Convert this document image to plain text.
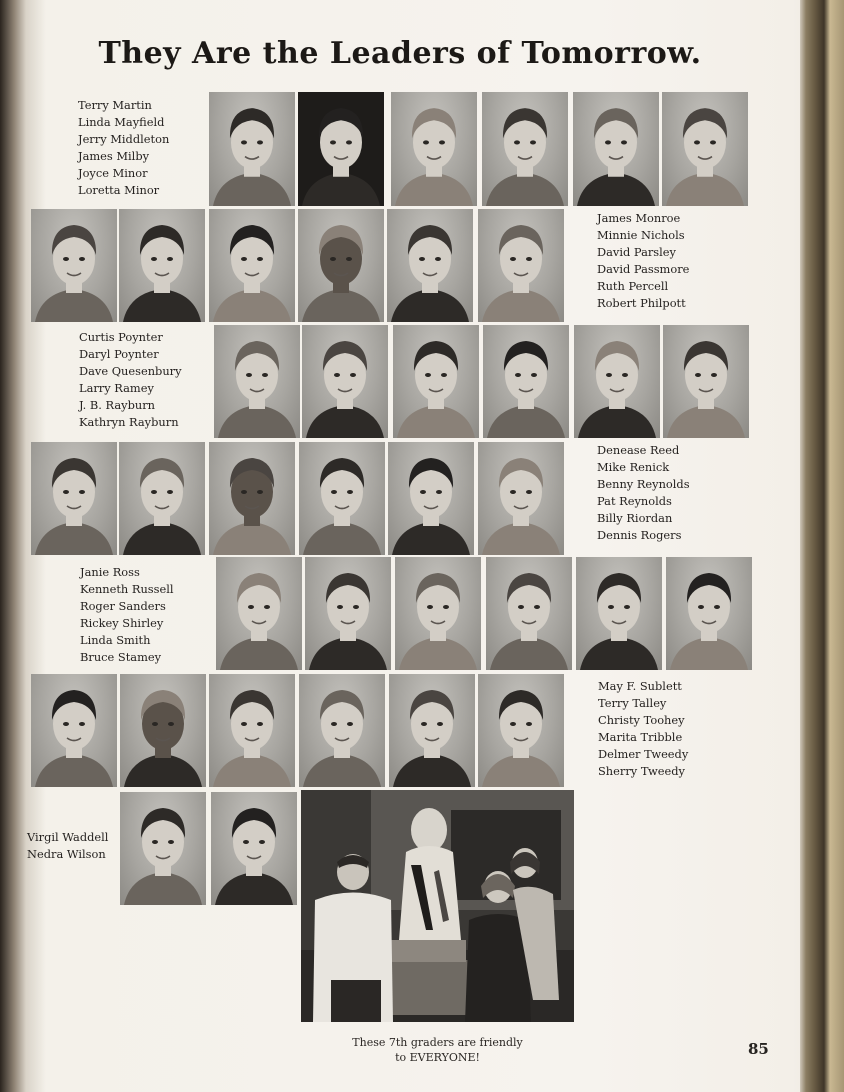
They Are the Leaders of Tomorrow.
Terry Martin
Linda Mayfield
Jerry Middleton
James Milby
Joyce Minor
Loretta Minor
James Monroe
Minnie Nichols
David Parsley
David Passmore
Ruth Percell
Robert Philpott
Curtis Poynter
Daryl Poynter
Dave Quesenbury
Larry Ramey
J. B. Rayburn
Kathryn Rayburn
Denease Reed
Mike Renick
Benny Reynolds
Pat Reynolds
Billy Riordan
Dennis Rogers
Janie Ross
Kenneth Russell
Roger Sanders
Rickey Shirley
Linda Smith
Bruce Stamey
May F. Sublett
Terry Talley
Christy Toohey
Marita Tribble
Delmer Tweedy
Sherry Tweedy
Virgil Waddell
Nedra Wilson
These 7th graders are friendly
to EVERYONE!	85
